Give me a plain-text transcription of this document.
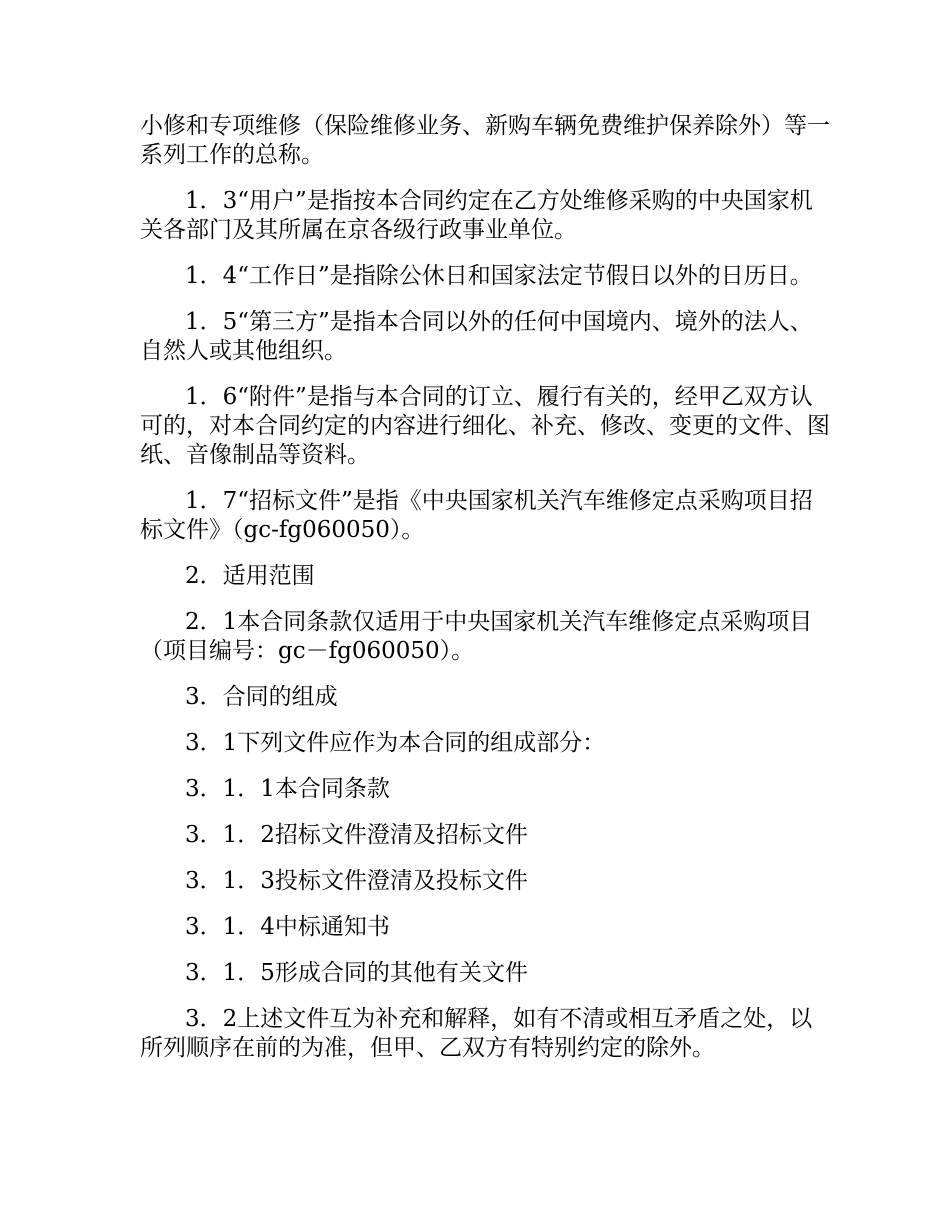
小修和专项维修（保险维修业务、新购车辆免费维护保养除外）等一系列工作的总称。

1．3“用户”是指按本合同约定在乙方处维修采购的中央国家机关各部门及其所属在京各级行政事业单位。

1．4“工作日”是指除公休日和国家法定节假日以外的日历日。

1．5“第三方”是指本合同以外的任何中国境内、境外的法人、自然人或其他组织。

1．6“附件”是指与本合同的订立、履行有关的，经甲乙双方认可的，对本合同约定的内容进行细化、补充、修改、变更的文件、图纸、音像制品等资料。

1．7“招标文件”是指《中央国家机关汽车维修定点采购项目招标文件》（gc-fg060050）。

2．适用范围

2．1本合同条款仅适用于中央国家机关汽车维修定点采购项目（项目编号：gc－fg060050）。

3．合同的组成

3．1下列文件应作为本合同的组成部分：

3．1．1本合同条款

3．1．2招标文件澄清及招标文件

3．1．3投标文件澄清及投标文件

3．1．4中标通知书

3．1．5形成合同的其他有关文件

3．2上述文件互为补充和解释，如有不清或相互矛盾之处，以所列顺序在前的为准，但甲、乙双方有特别约定的除外。
